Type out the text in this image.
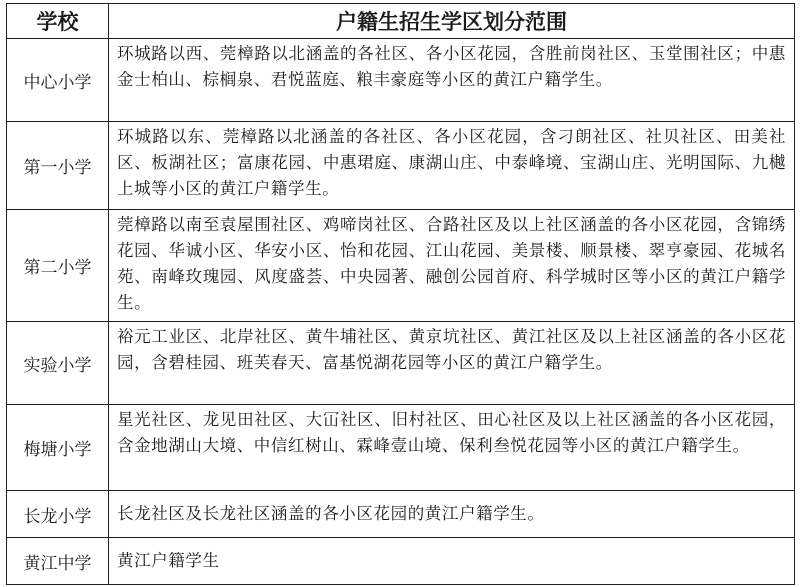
学校	户籍生招生学区划分范围
中心小学	环城路以西、莞樟路以北涵盖的各社区、各小区花园，含胜前岗社区、玉堂围社区；中惠金士柏山、棕榈泉、君悦蓝庭、粮丰豪庭等小区的黄江户籍学生。
第一小学	环城路以东、莞樟路以北涵盖的各社区、各小区花园，含刁朗社区、社贝社区、田美社区、板湖社区；富康花园、中惠珺庭、康湖山庄、中泰峰境、宝湖山庄、光明国际、九樾上城等小区的黄江户籍学生。
第二小学	莞樟路以南至袁屋围社区、鸡啼岗社区、合路社区及以上社区涵盖的各小区花园，含锦绣花园、华诚小区、华安小区、怡和花园、江山花园、美景楼、顺景楼、翠亨豪园、花城名苑、南峰玫瑰园、风度盛荟、中央园著、融创公园首府、科学城时区等小区的黄江户籍学生。
实验小学	裕元工业区、北岸社区、黄牛埔社区、黄京坑社区、黄江社区及以上社区涵盖的各小区花园，含碧桂园、班芙春天、富基悦湖花园等小区的黄江户籍学生。
梅塘小学	星光社区、龙见田社区、大冚社区、旧村社区、田心社区及以上社区涵盖的各小区花园，含金地湖山大境、中信红树山、霖峰壹山境、保利叁悦花园等小区的黄江户籍学生。
长龙小学	长龙社区及长龙社区涵盖的各小区花园的黄江户籍学生。
黄江中学	黄江户籍学生
